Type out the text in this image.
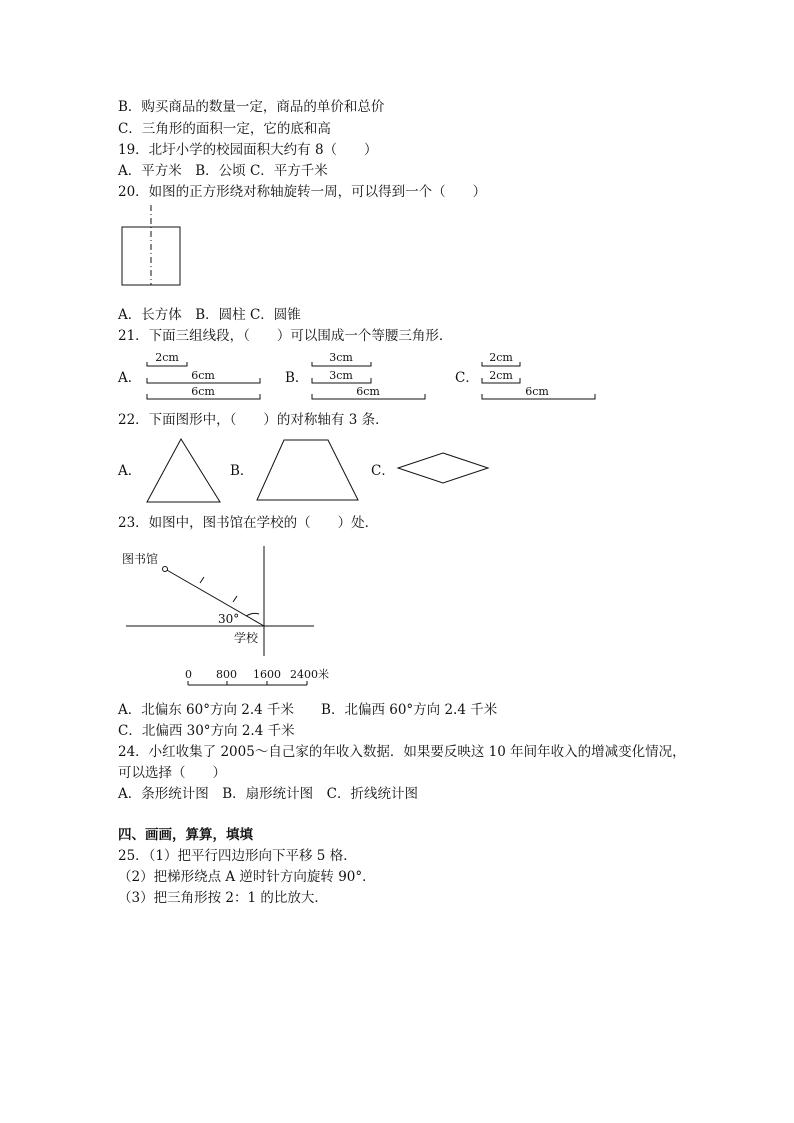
B．购买商品的数量一定，商品的单价和总价
C．三角形的面积一定，它的底和高
19．北圩小学的校园面积大约有 8（　　）
A．平方米　B．公顷 C．平方千米
20．如图的正方形绕对称轴旋转一周，可以得到一个（　　）
A．长方体　B．圆柱 C．圆锥
21．下面三组线段，（　　）可以围成一个等腰三角形．
A．	B．	C．
2cm
6cm
6cm
3cm
3cm
6cm
2cm
2cm
6cm
22．下面图形中，（　　）的对称轴有 3 条．
A．	B．	C．
23．如图中，图书馆在学校的（　　）处．
图书馆
30°
学校
0 800 1600 2400米
A．北偏东 60°方向 2.4 千米　　B．北偏西 60°方向 2.4 千米
C．北偏西 30°方向 2.4 千米
24．小红收集了 2005～自己家的年收入数据．如果要反映这 10 年间年收入的增减变化情况，
可以选择（　　）
A．条形统计图　B．扇形统计图　C．折线统计图
四、画画，算算，填填
25．（1）把平行四边形向下平移 5 格．
（2）把梯形绕点 A 逆时针方向旋转 90°．
（3）把三角形按 2：1 的比放大．
